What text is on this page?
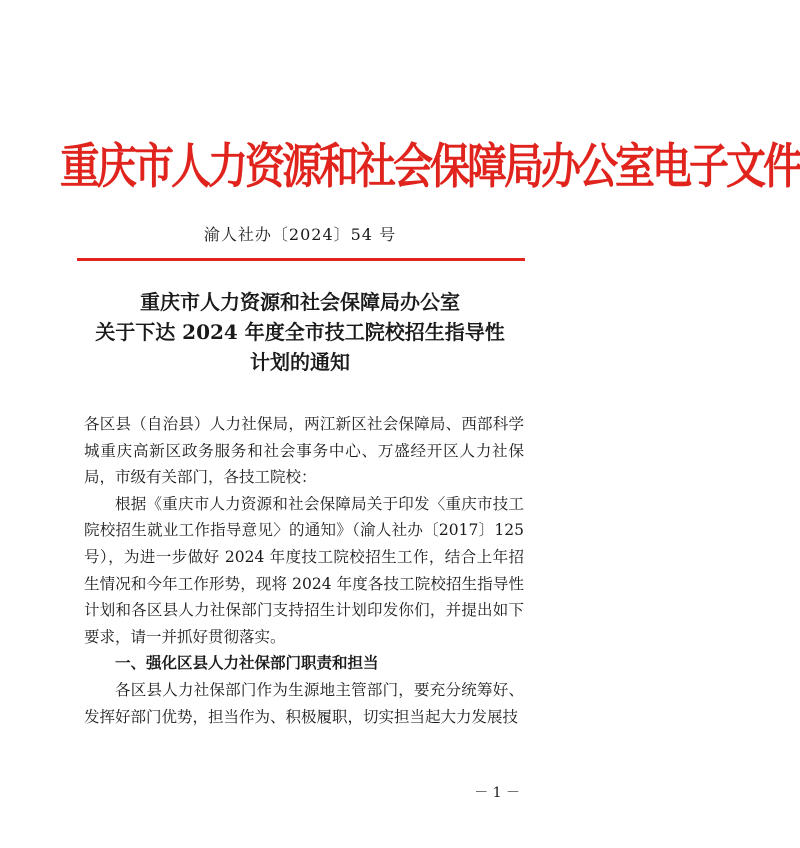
重庆市人力资源和社会保障局办公室电子文件
渝人社办〔2024〕54 号
重庆市人力资源和社会保障局办公室
关于下达 2024 年度全市技工院校招生指导性
计划的通知

各区县（自治县）人力社保局，两江新区社会保障局、西部科学城重庆高新区政务服务和社会事务中心、万盛经开区人力社保局，市级有关部门，各技工院校：

根据《重庆市人力资源和社会保障局关于印发〈重庆市技工院校招生就业工作指导意见〉的通知》（渝人社办〔2017〕125 号），为进一步做好 2024 年度技工院校招生工作，结合上年招生情况和今年工作形势，现将 2024 年度各技工院校招生指导性计划和各区县人力社保部门支持招生计划印发你们，并提出如下要求，请一并抓好贯彻落实。

一、强化区县人力社保部门职责和担当

各区县人力社保部门作为生源地主管部门，要充分统筹好、发挥好部门优势，担当作为、积极履职，切实担当起大力发展技

－ 1 －
